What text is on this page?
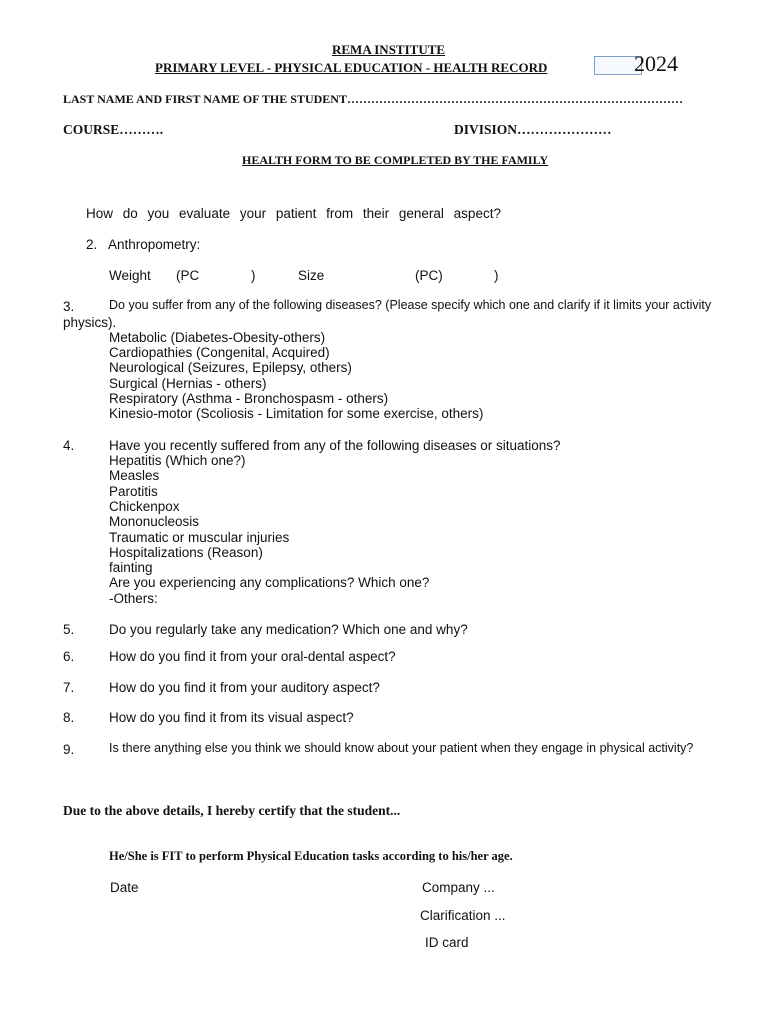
REMA INSTITUTE
PRIMARY LEVEL - PHYSICAL EDUCATION - HEALTH RECORD	2024
LAST NAME AND FIRST NAME OF THE STUDENT…………………………………………………………………………
COURSE……….	DIVISION…………………
HEALTH FORM TO BE COMPLETED BY THE FAMILY
How do you evaluate your patient from their general aspect?
2. Anthropometry:
Weight (PC	)	Size	(PC)	)
3.	Do you suffer from any of the following diseases? (Please specify which one and clarify if it limits your activity
physics).
Metabolic (Diabetes-Obesity-others)
Cardiopathies (Congenital, Acquired)
Neurological (Seizures, Epilepsy, others)
Surgical (Hernias - others)
Respiratory (Asthma - Bronchospasm - others)
Kinesio-motor (Scoliosis - Limitation for some exercise, others)
4.	Have you recently suffered from any of the following diseases or situations?
Hepatitis (Which one?)
Measles
Parotitis
Chickenpox
Mononucleosis
Traumatic or muscular injuries
Hospitalizations (Reason)
fainting
Are you experiencing any complications? Which one?
-Others:
5.	Do you regularly take any medication? Which one and why?
6.	How do you find it from your oral-dental aspect?
7.	How do you find it from your auditory aspect?
8.	How do you find it from its visual aspect?
9.	Is there anything else you think we should know about your patient when they engage in physical activity?
Due to the above details, I hereby certify that the student...
He/She is FIT to perform Physical Education tasks according to his/her age.
Date	Company ...
Clarification ...
ID card
